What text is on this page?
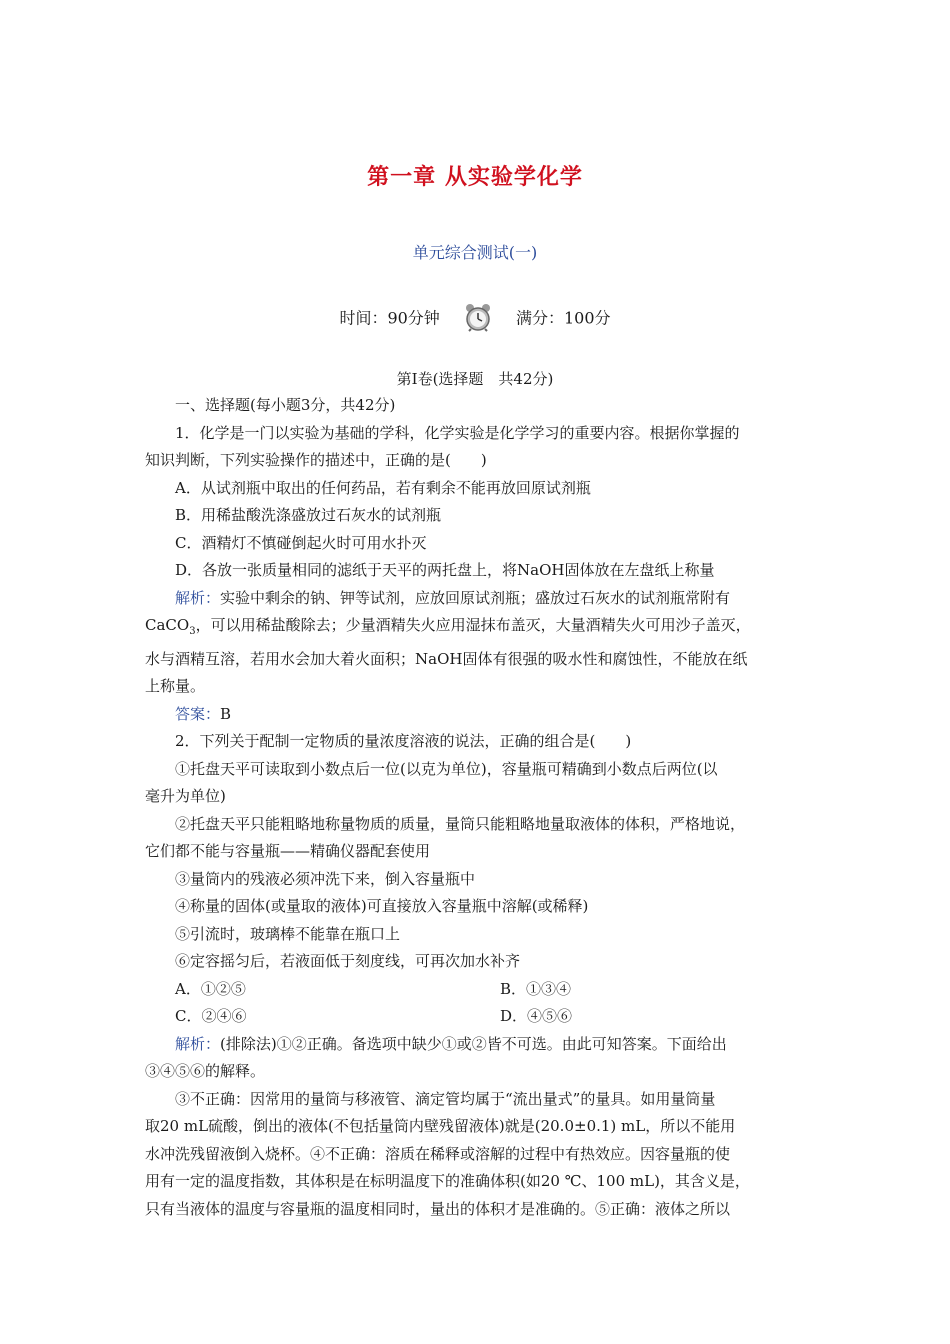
第一章 从实验学化学
单元综合测试(一)
时间：90分钟	满分：100分
第Ⅰ卷(选择题　共42分)

一、选择题(每小题3分，共42分)

1．化学是一门以实验为基础的学科，化学实验是化学学习的重要内容。根据你掌握的

知识判断，下列实验操作的描述中，正确的是(　　)

A．从试剂瓶中取出的任何药品，若有剩余不能再放回原试剂瓶

B．用稀盐酸洗涤盛放过石灰水的试剂瓶

C．酒精灯不慎碰倒起火时可用水扑灭

D．各放一张质量相同的滤纸于天平的两托盘上，将NaOH固体放在左盘纸上称量

解析：实验中剩余的钠、钾等试剂，应放回原试剂瓶；盛放过石灰水的试剂瓶常附有

CaCO$_3$，可以用稀盐酸除去；少量酒精失火应用湿抹布盖灭，大量酒精失火可用沙子盖灭，

水与酒精互溶，若用水会加大着火面积；NaOH固体有很强的吸水性和腐蚀性，不能放在纸

上称量。

答案：B

2．下列关于配制一定物质的量浓度溶液的说法，正确的组合是(　　)

①托盘天平可读取到小数点后一位(以克为单位)，容量瓶可精确到小数点后两位(以

毫升为单位)

②托盘天平只能粗略地称量物质的质量，量筒只能粗略地量取液体的体积，严格地说，

它们都不能与容量瓶——精确仪器配套使用

③量筒内的残液必须冲洗下来，倒入容量瓶中

④称量的固体(或量取的液体)可直接放入容量瓶中溶解(或稀释)

⑤引流时，玻璃棒不能靠在瓶口上

⑥定容摇匀后，若液面低于刻度线，可再次加水补齐

A．①②⑤	B．①③④

C．②④⑥	D．④⑤⑥

解析：(排除法)①②正确。备选项中缺少①或②皆不可选。由此可知答案。下面给出

③④⑤⑥的解释。

③不正确：因常用的量筒与移液管、滴定管均属于“流出量式”的量具。如用量筒量

取20 mL硫酸，倒出的液体(不包括量筒内壁残留液体)就是(20.0±0.1) mL，所以不能用

水冲洗残留液倒入烧杯。④不正确：溶质在稀释或溶解的过程中有热效应。因容量瓶的使

用有一定的温度指数，其体积是在标明温度下的准确体积(如20 ℃、100 mL)，其含义是，

只有当液体的温度与容量瓶的温度相同时，量出的体积才是准确的。⑤正确：液体之所以
